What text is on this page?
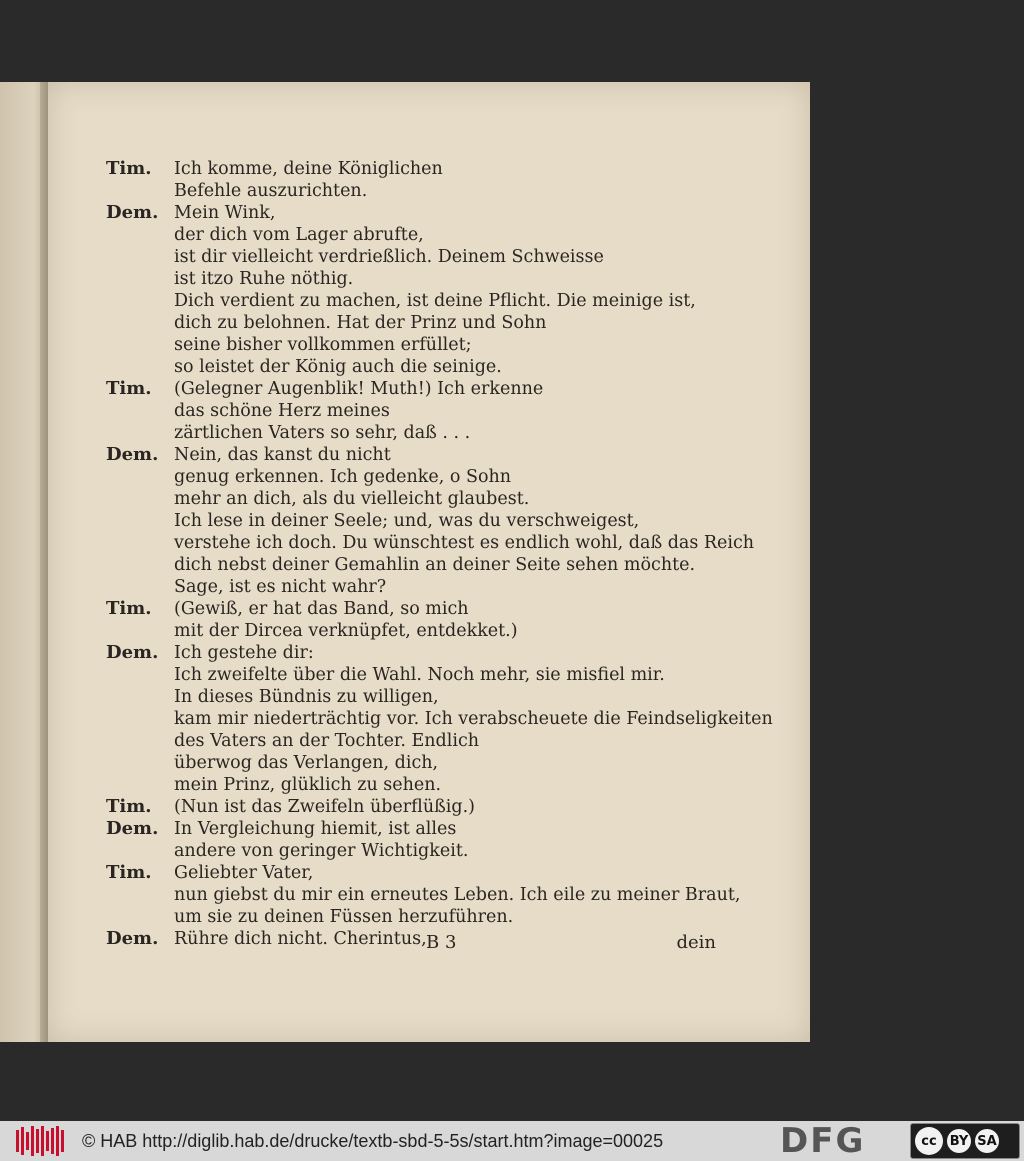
Tim.	Ich komme, deine Königlichen
Befehle auszurichten.
Dem. Mein Wink,
der dich vom Lager abrufte,
ist dir vielleicht verdrießlich. Deinem Schweisse
ist itzo Ruhe nöthig.
Dich verdient zu machen, ist deine Pflicht. Die meinige ist,
dich zu belohnen. Hat der Prinz und Sohn
seine bisher vollkommen erfüllet;
so leistet der König auch die seinige.
Tim.	(Gelegner Augenblik! Muth!) Ich erkenne
das schöne Herz meines
zärtlichen Vaters so sehr, daß . . .
Dem. Nein, das kanst du nicht
genug erkennen. Ich gedenke, o Sohn
mehr an dich, als du vielleicht glaubest.
Ich lese in deiner Seele; und, was du verschweigest,
verstehe ich doch. Du wünschtest es endlich wohl, daß das Reich
dich nebst deiner Gemahlin an deiner Seite sehen möchte.
Sage, ist es nicht wahr?
Tim.	(Gewiß, er hat das Band, so mich
mit der Dircea verknüpfet, entdekket.)
Dem. Ich gestehe dir:
Ich zweifelte über die Wahl. Noch mehr, sie misfiel mir.
In dieses Bündnis zu willigen,
kam mir niederträchtig vor. Ich verabscheuete die Feindseligkeiten
des Vaters an der Tochter. Endlich
überwog das Verlangen, dich,
mein Prinz, glüklich zu sehen.
Tim.	(Nun ist das Zweifeln überflüßig.)
Dem. In Vergleichung hiemit, ist alles
andere von geringer Wichtigkeit.
Tim.	Geliebter Vater,
nun giebst du mir ein erneutes Leben. Ich eile zu meiner Braut,
um sie zu deinen Füssen herzuführen.
Dem. Rühre dich nicht. Cherintus, B 3	dein
© HAB http://diglib.hab.de/drucke/textb-sbd-5-5s/start.htm?image=00025	DFG	cc BY SA
